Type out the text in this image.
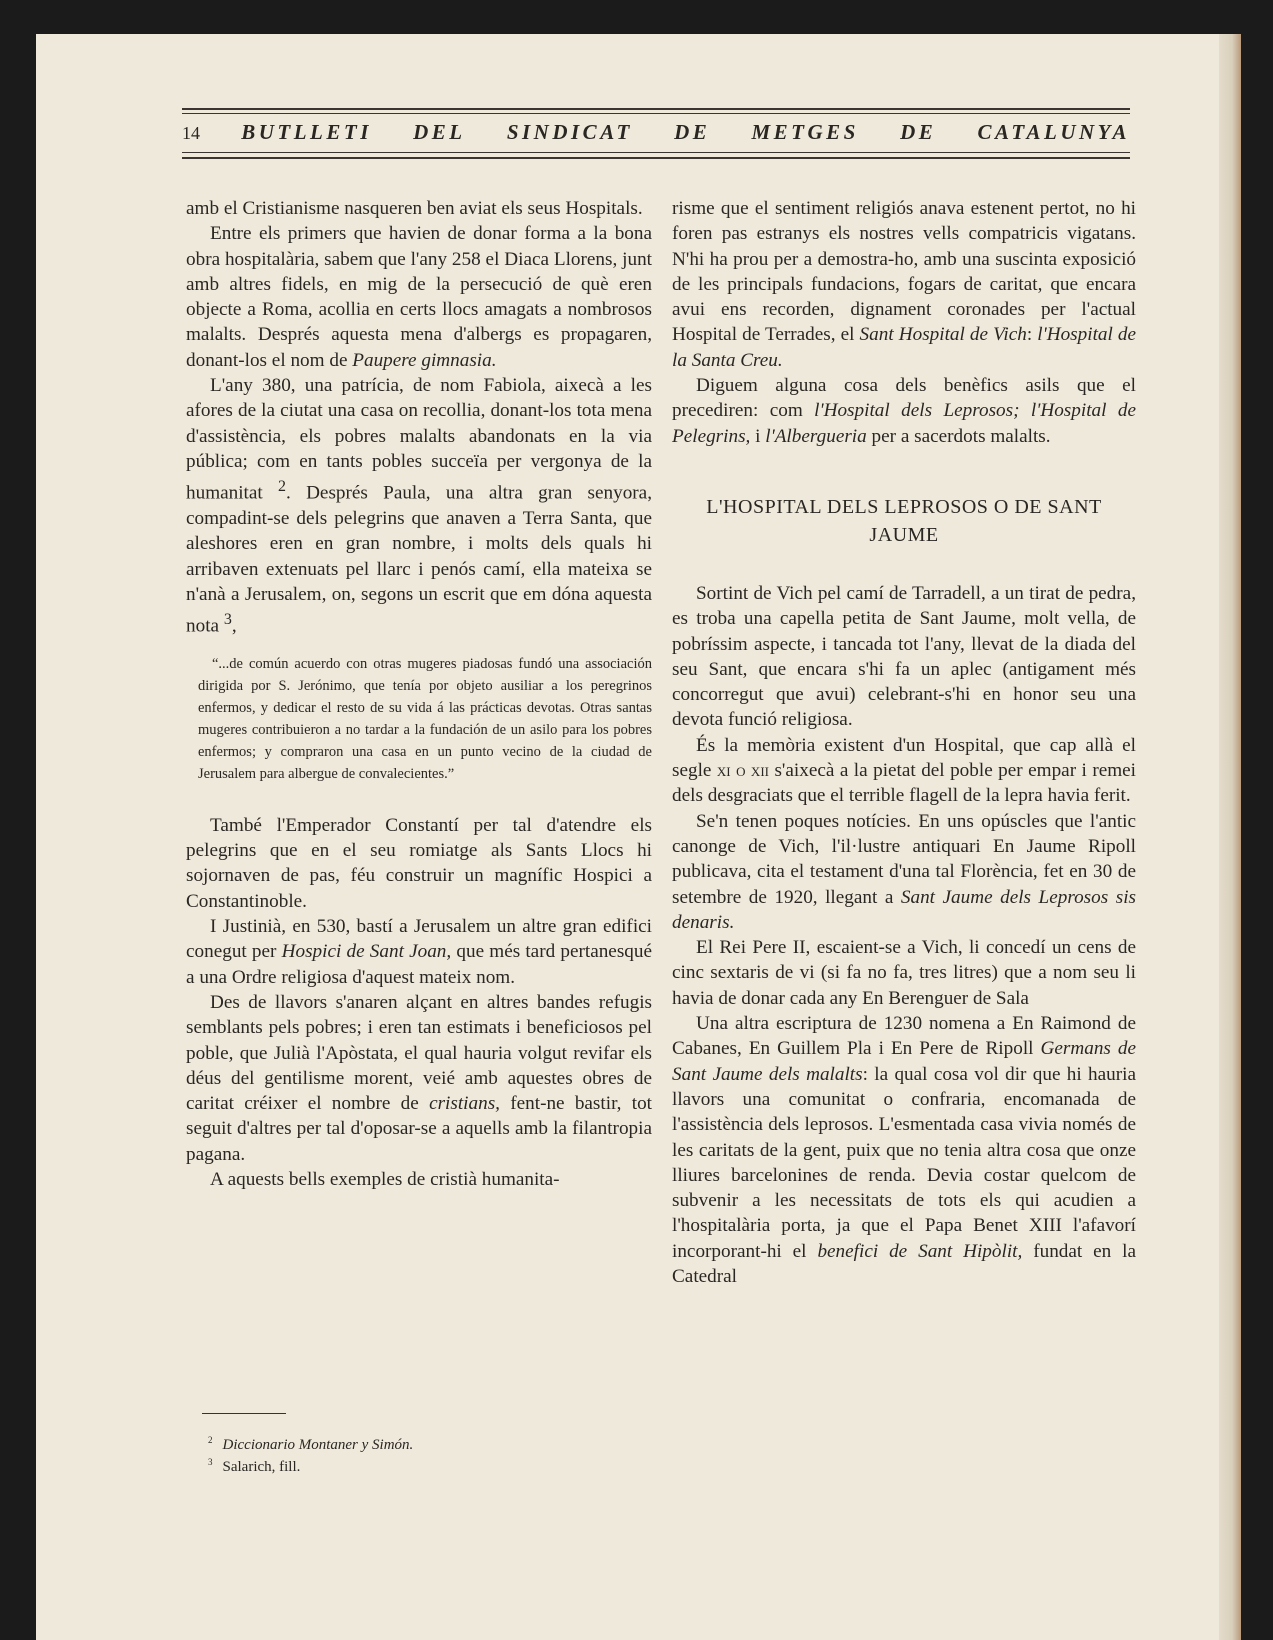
14 BUTLLETI DEL SINDICAT DE METGES DE CATALUNYA

amb el Cristianisme nasqueren ben aviat els seus Hospitals.

Entre els primers que havien de donar forma a la bona obra hospitalària, sabem que l'any 258 el Diaca Llorens, junt amb altres fidels, en mig de la persecució de què eren objecte a Roma, acollia en certs llocs amagats a nombrosos malalts. Després aquesta mena d'albergs es propagaren, donant-los el nom de Paupere gimnasia.

L'any 380, una patrícia, de nom Fabiola, aixecà a les afores de la ciutat una casa on recollia, donant-los tota mena d'assistència, els pobres malalts abandonats en la via pública; com en tants pobles succeïa per vergonya de la humanitat $^2$. Després Paula, una altra gran senyora, compadint-se dels pelegrins que anaven a Terra Santa, que aleshores eren en gran nombre, i molts dels quals hi arribaven extenuats pel llarc i penós camí, ella mateixa se n'anà a Jerusalem, on, segons un escrit que em dóna aquesta nota $^3$,

“...de común acuerdo con otras mugeres piadosas fundó una associación dirigida por S. Jerónimo, que tenía por objeto ausiliar a los peregrinos enfermos, y dedicar el resto de su vida á las prácticas devotas. Otras santas mugeres contribuieron a no tardar a la fundación de un asilo para los pobres enfermos; y compraron una casa en un punto vecino de la ciudad de Jerusalem para albergue de convalecientes.”

També l'Emperador Constantí per tal d'atendre els pelegrins que en el seu romiatge als Sants Llocs hi sojornaven de pas, féu construir un magnífic Hospici a Constantinoble.

I Justinià, en 530, bastí a Jerusalem un altre gran edifici conegut per Hospici de Sant Joan, que més tard pertanesqué a una Ordre religiosa d'aquest mateix nom.

Des de llavors s'anaren alçant en altres bandes refugis semblants pels pobres; i eren tan estimats i beneficiosos pel poble, que Julià l'Apòstata, el qual hauria volgut revifar els déus del gentilisme morent, veié amb aquestes obres de caritat créixer el nombre de cristians, fent-ne bastir, tot seguit d'altres per tal d'oposar-se a aquells amb la filantropia pagana.

A aquests bells exemples de cristià humanita-

$^2$ Diccionario Montaner y Simón.
$^3$ Salarich, fill.

risme que el sentiment religiós anava estenent pertot, no hi foren pas estranys els nostres vells compatricis vigatans. N'hi ha prou per a demostra-ho, amb una suscinta exposició de les principals fundacions, fogars de caritat, que encara avui ens recorden, dignament coronades per l'actual Hospital de Terrades, el Sant Hospital de Vich: l'Hospital de la Santa Creu.

Diguem alguna cosa dels benèfics asils que el precediren: com l'Hospital dels Leprosos; l'Hospital de Pelegrins, i l'Albergueria per a sacerdots malalts.

L'HOSPITAL DELS LEPROSOS O DE SANT JAUME

Sortint de Vich pel camí de Tarradell, a un tirat de pedra, es troba una capella petita de Sant Jaume, molt vella, de pobríssim aspecte, i tancada tot l'any, llevat de la diada del seu Sant, que encara s'hi fa un aplec (antigament més concorregut que avui) celebrant-s'hi en honor seu una devota funció religiosa.

És la memòria existent d'un Hospital, que cap allà el segle xi o xii s'aixecà a la pietat del poble per empar i remei dels desgraciats que el terrible flagell de la lepra havia ferit.

Se'n tenen poques notícies. En uns opúscles que l'antic canonge de Vich, l'il·lustre antiquari En Jaume Ripoll publicava, cita el testament d'una tal Florència, fet en 30 de setembre de 1920, llegant a Sant Jaume dels Leprosos sis denaris.

El Rei Pere II, escaient-se a Vich, li concedí un cens de cinc sextaris de vi (si fa no fa, tres litres) que a nom seu li havia de donar cada any En Berenguer de Sala

Una altra escriptura de 1230 nomena a En Raimond de Cabanes, En Guillem Pla i En Pere de Ripoll Germans de Sant Jaume dels malalts: la qual cosa vol dir que hi hauria llavors una comunitat o confraria, encomanada de l'assistència dels leprosos. L'esmentada casa vivia només de les caritats de la gent, puix que no tenia altra cosa que onze lliures barcelonines de renda. Devia costar quelcom de subvenir a les necessitats de tots els qui acudien a l'hospitalària porta, ja que el Papa Benet XIII l'afavorí incorporant-hi el benefici de Sant Hipòlit, fundat en la Catedral
